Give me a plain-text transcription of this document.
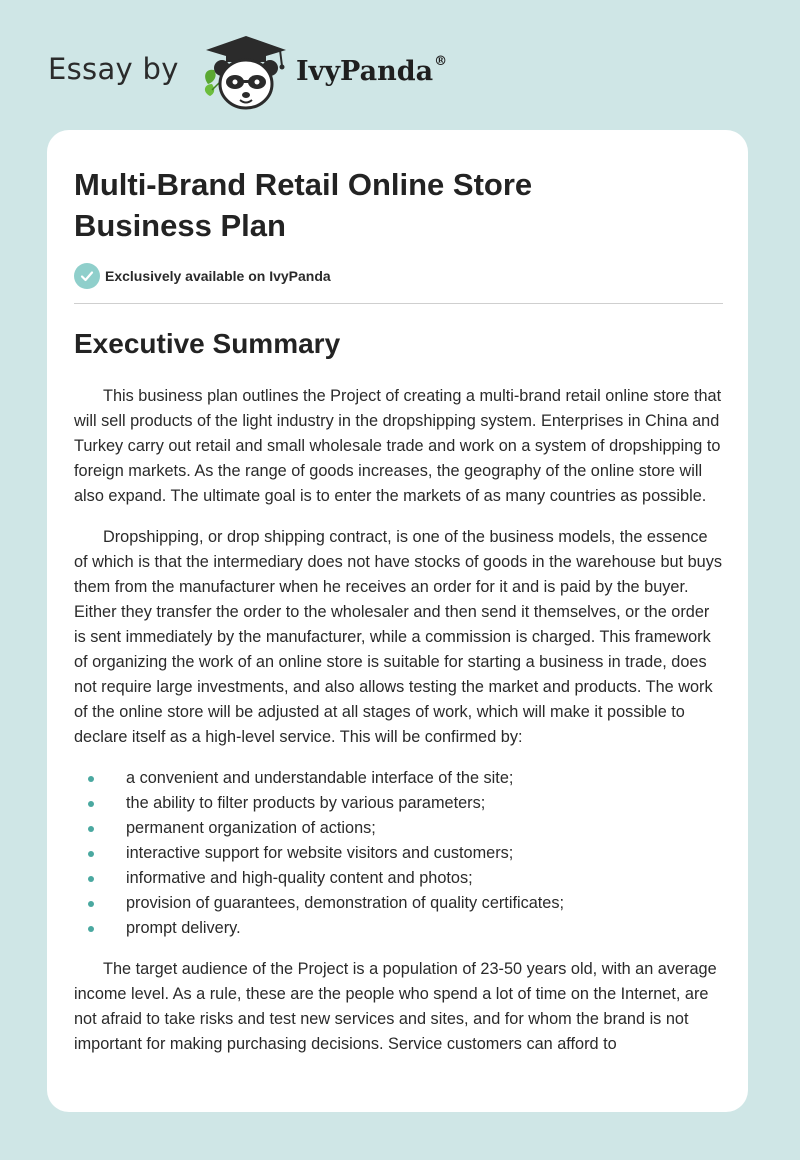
Essay by	IvyPanda®
Multi-Brand Retail Online Store Business Plan
Exclusively available on IvyPanda
Executive Summary

This business plan outlines the Project of creating a multi-brand retail online store that will sell products of the light industry in the dropshipping system. Enterprises in China and Turkey carry out retail and small wholesale trade and work on a system of dropshipping to foreign markets. As the range of goods increases, the geography of the online store will also expand. The ultimate goal is to enter the markets of as many countries as possible.

Dropshipping, or drop shipping contract, is one of the business models, the essence of which is that the intermediary does not have stocks of goods in the warehouse but buys them from the manufacturer when he receives an order for it and is paid by the buyer. Either they transfer the order to the wholesaler and then send it themselves, or the order is sent immediately by the manufacturer, while a commission is charged. This framework of organizing the work of an online store is suitable for starting a business in trade, does not require large investments, and also allows testing the market and products. The work of the online store will be adjusted at all stages of work, which will make it possible to declare itself as a high-level service. This will be confirmed by:

a convenient and understandable interface of the site;
the ability to filter products by various parameters;
permanent organization of actions;
interactive support for website visitors and customers;
informative and high-quality content and photos;
provision of guarantees, demonstration of quality certificates;
prompt delivery.

The target audience of the Project is a population of 23-50 years old, with an average income level. As a rule, these are the people who spend a lot of time on the Internet, are not afraid to take risks and test new services and sites, and for whom the brand is not important for making purchasing decisions. Service customers can afford to
